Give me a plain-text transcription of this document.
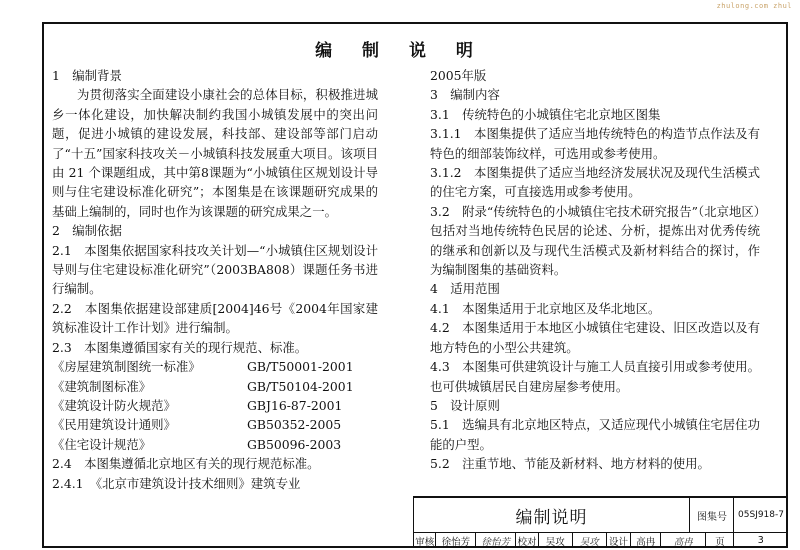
zhulong.com zhul
编 制 说 明
1　编制背景
为贯彻落实全面建设小康社会的总体目标，积极推进城乡一体化建设，加快解决制约我国小城镇发展中的突出问题，促进小城镇的建设发展，科技部、建设部等部门启动了“十五”国家科技攻关－小城镇科技发展重大项目。该项目由 21 个课题组成，其中第8课题为“小城镇住区规划设计导则与住宅建设标准化研究”；本图集是在该课题研究成果的基础上编制的，同时也作为该课题的研究成果之一。
2　编制依据
2.1　本图集依据国家科技攻关计划—“小城镇住区规划设计导则与住宅建设标准化研究”（2003BA808）课题任务书进行编制。
2.2　本图集依据建设部建质[2004]46号《2004年国家建筑标准设计工作计划》进行编制。
2.3　本图集遵循国家有关的现行规范、标准。
《房屋建筑制图统一标准》	GB/T50001-2001
《建筑制图标准》	GB/T50104-2001
《建筑设计防火规范》	GBJ16-87-2001
《民用建筑设计通则》	GB50352-2005
《住宅设计规范》	GB50096-2003
2.4　本图集遵循北京地区有关的现行规范标准。
2.4.1　《北京市建筑设计技术细则》建筑专业
2005年版
3　编制内容
3.1　传统特色的小城镇住宅北京地区图集
3.1.1　本图集提供了适应当地传统特色的构造节点作法及有特色的细部装饰纹样，可选用或参考使用。
3.1.2　本图集提供了适应当地经济发展状况及现代生活模式的住宅方案，可直接选用或参考使用。
3.2　附录“传统特色的小城镇住宅技术研究报告”（北京地区）包括对当地传统特色民居的论述、分析，提炼出对优秀传统的继承和创新以及与现代生活模式及新材料结合的探讨，作为编制图集的基础资料。
4　适用范围
4.1　本图集适用于北京地区及华北地区。
4.2　本图集适用于本地区小城镇住宅建设、旧区改造以及有地方特色的小型公共建筑。
4.3　本图集可供建筑设计与施工人员直接引用或参考使用。也可供城镇居民自建房屋参考使用。
5　设计原则
5.1　选编具有北京地区特点，又适应现代小城镇住宅居住功能的户型。
5.2　注重节地、节能及新材料、地方材料的使用。
编制说明	图集号	05SJ918-7
审核 徐怡芳	徐怡芳 校对 吴攻	吴攻	设计 高冉	高冉	页	3
